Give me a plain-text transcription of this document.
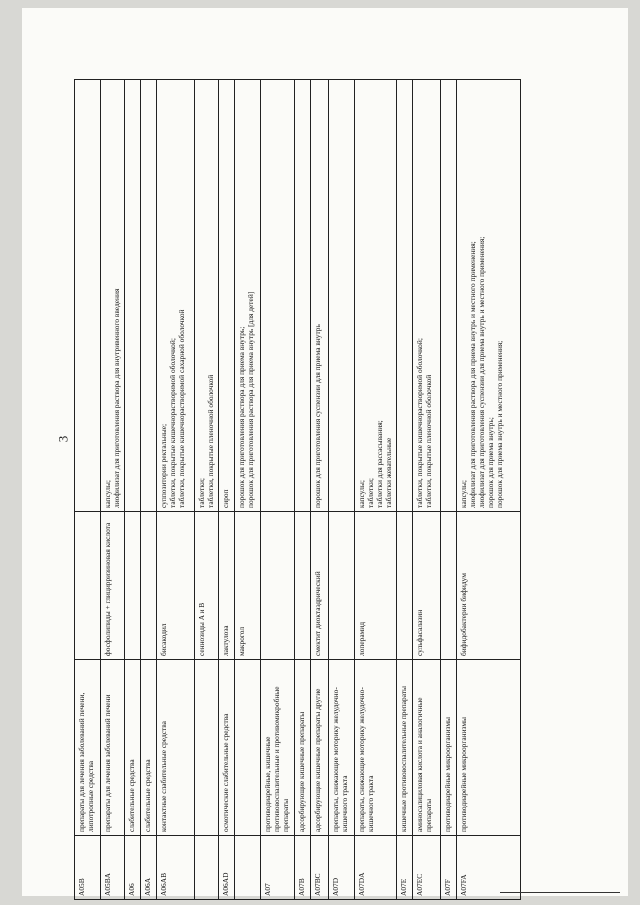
3
A05B	препараты для лечения заболеваний печени, липотропные средства		
A05BA	препараты для лечения заболеваний печени	фосфолипиды + глицирризиновая кислота	капсулы; лиофилизат для приготовления раствора для внутривенного введения

A06	слабительные средства		
A06A	слабительные средства		
A06AB	контактные слабительные средства	бисакодил	суппозитории ректальные; таблетки, покрытые кишечнорастворимой оболочкой; таблетки, покрытые кишечнорастворимой сахарной оболочкой

		сеннозиды A и B	таблетки; таблетки, покрытые пленочной оболочкой

A06AD	осмотические слабительные средства	лактулоза	сироп

		макрогол	порошок для приготовления раствора для приема внутрь; порошок для приготовления раствора для приема внутрь [для детей]

A07	противодиарейные, кишечные противовоспалительные и противомикробные препараты		
A07B	адсорбирующие кишечные препараты		
A07BC	адсорбирующие кишечные препараты другие	смектит диоктаэдрический	порошок для приготовления суспензии для приема внутрь

A07D	препараты, снижающие моторику желудочно-кишечного тракта		
A07DA	препараты, снижающие моторику желудочно-кишечного тракта	лоперамид	капсулы; таблетки; таблетки для рассасывания; таблетки жевательные

A07E	кишечные противовоспалительные препараты		
A07EC	аминосалициловая кислота и аналогичные препараты	сульфасалазин	таблетки, покрытые кишечнорастворимой оболочкой; таблетки, покрытые пленочной оболочкой

A07F	противодиарейные микроорганизмы		
A07FA	противодиарейные микроорганизмы	бифидобактерии бифидум	капсулы; лиофилизат для приготовления раствора для приема внутрь и местного применения; лиофилизат для приготовления суспензии для приема внутрь и местного применения; порошок для приема внутрь; порошок для приема внутрь и местного применения;
